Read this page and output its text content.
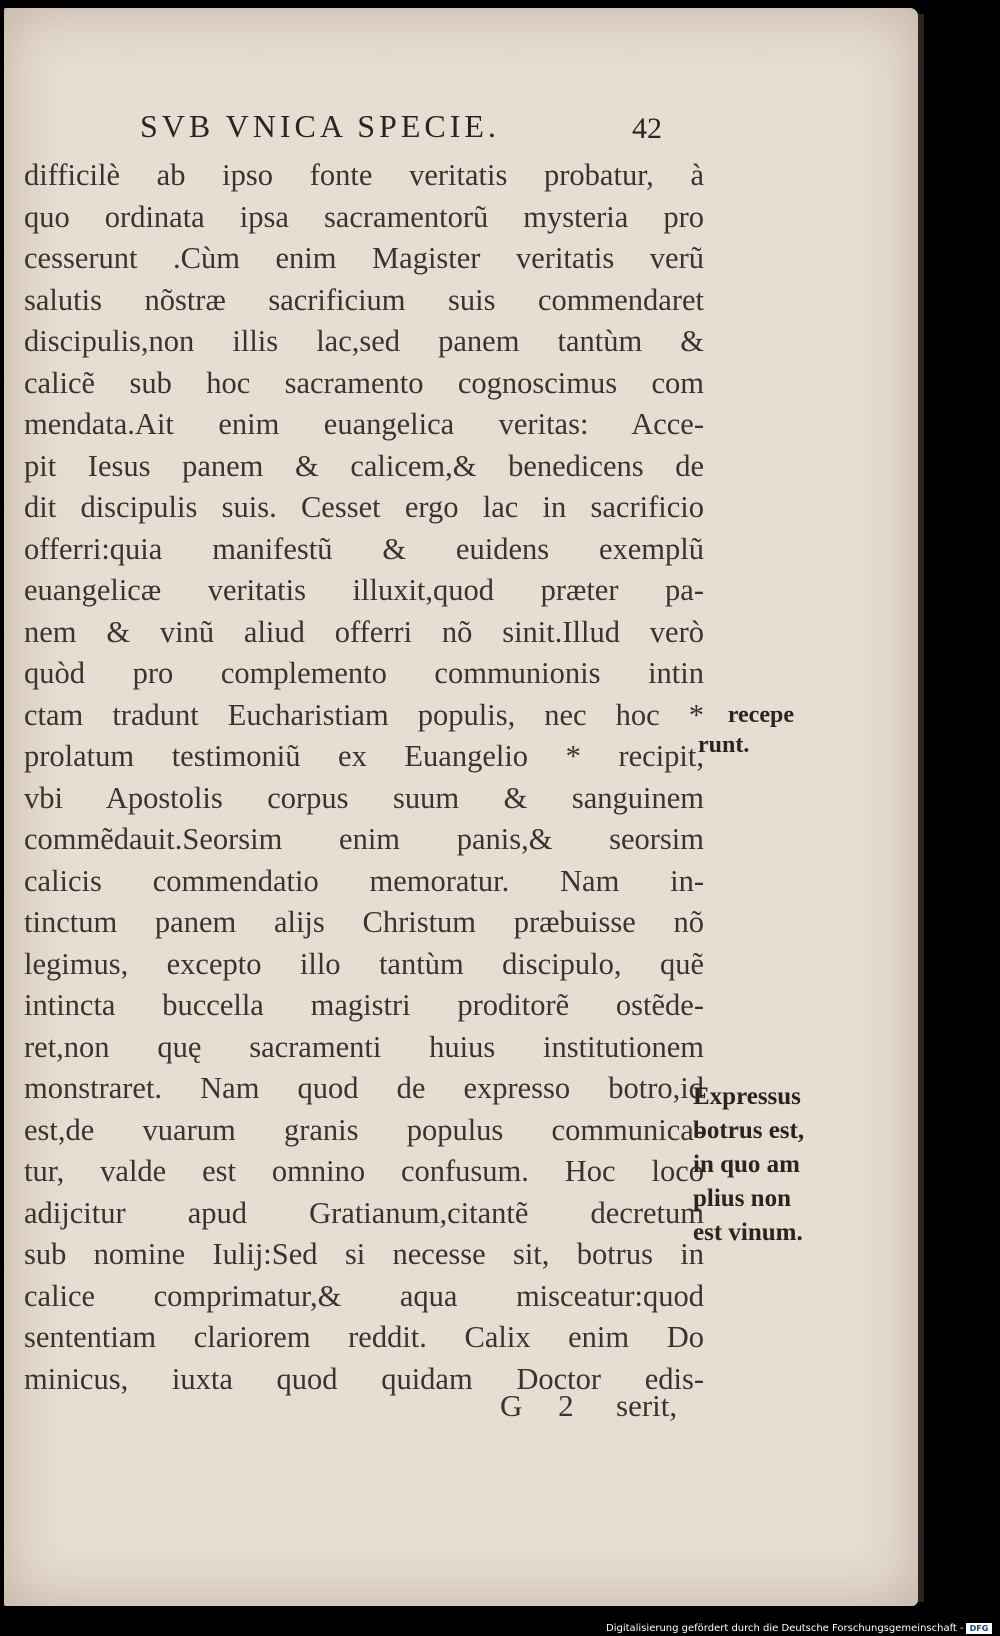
SVB VNICA SPECIE.	42
difficilè ab ipso fonte veritatis probatur, à
quo ordinata ipsa sacramentorũ mysteria pro
cesserunt .Cùm enim Magister veritatis verũ
salutis nõstræ sacrificium suis commendaret
discipulis,non illis lac,sed panem tantùm &
calicẽ sub hoc sacramento cognoscimus com
mendata.Ait enim euangelica veritas: Acce-
pit Iesus panem & calicem,& benedicens de
dit discipulis suis. Cesset ergo lac in sacrificio
offerri:quia manifestũ & euidens exemplũ
euangelicæ veritatis illuxit,quod præter pa-
nem & vinũ aliud offerri nõ sinit.Illud verò
quòd pro complemento communionis intin
ctam tradunt Eucharistiam populis, nec hoc *
prolatum testimoniũ ex Euangelio * recipit,
vbi Apostolis corpus suum & sanguinem
commẽdauit.Seorsim enim panis,& seorsim
calicis commendatio memoratur. Nam in-
tinctum panem alijs Christum præbuisse nõ
legimus, excepto illo tantùm discipulo, quẽ
intincta buccella magistri proditorẽ ostẽde-
ret,non quę sacramenti huius institutionem
monstraret. Nam quod de expresso botro,id
est,de vuarum granis populus communica-
tur, valde est omnino confusum. Hoc loco
adijcitur apud Gratianum,citantẽ decretum
sub nomine Iulij:Sed si necesse sit, botrus in
calice comprimatur,& aqua misceatur:quod
sententiam clariorem reddit. Calix enim Do
minicus, iuxta quod quidam Doctor edis-
recepe
runt.
Expressus
botrus est,
in quo am
plius non
est vinum.
G 2 serit,
Digitalisierung gefördert durch die Deutsche Forschungsgemeinschaft - DFG
